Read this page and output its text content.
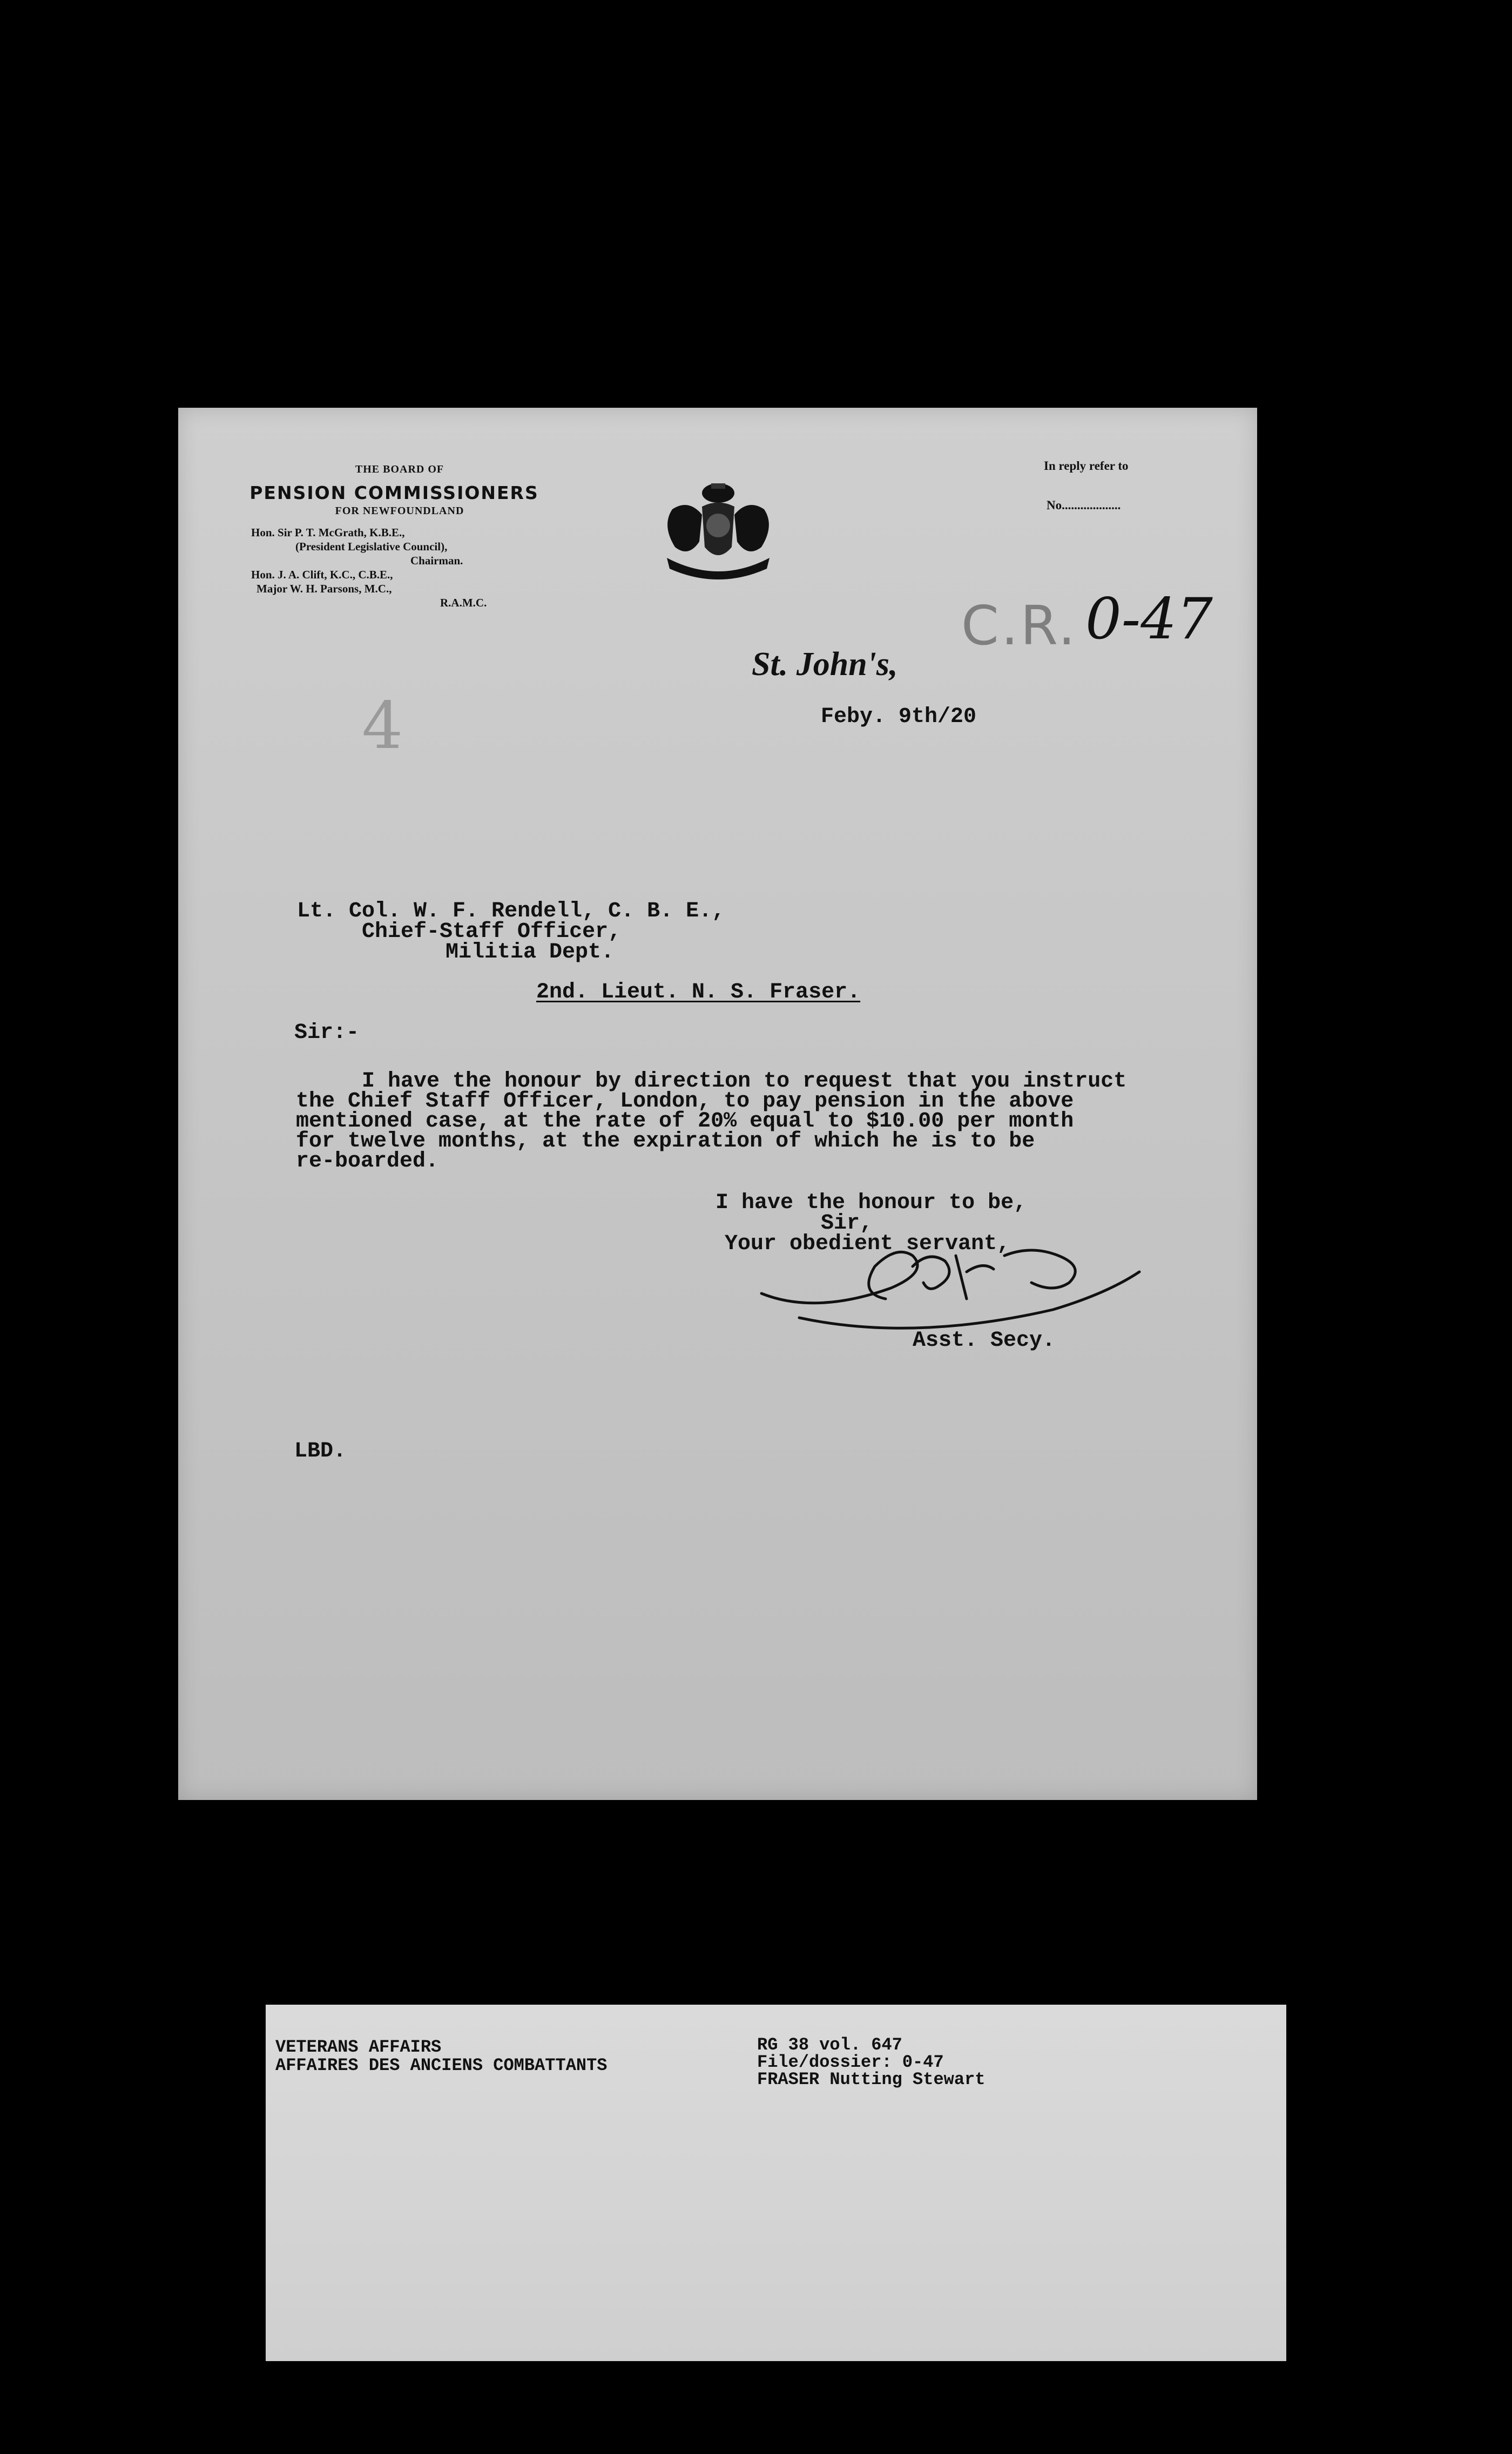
THE BOARD OF
PENSION COMMISSIONERS
FOR NEWFOUNDLAND
Hon. Sir P. T. McGrath, K.B.E.,
(President Legislative Council),
Chairman.
Hon. J. A. Clift, K.C., C.B.E.,
Major W. H. Parsons, M.C.,
R.A.M.C.
In reply refer to
No...................
C.R. 0-47
4
St. John's,
Feby. 9th/20
Lt. Col. W. F. Rendell, C. B. E.,
Chief-Staff Officer,
Militia Dept.
2nd. Lieut. N. S. Fraser.
Sir:-
I have the honour by direction to request that you instruct
the Chief Staff Officer, London, to pay pension in the above
mentioned case, at the rate of 20% equal to $10.00 per month
for twelve months, at the expiration of which he is to be
re-boarded.
I have the honour to be,
Sir,
Your obedient servant,
Asst. Secy.
LBD.
VETERANS AFFAIRS
AFFAIRES DES ANCIENS COMBATTANTS
RG 38 vol. 647
File/dossier: 0-47
FRASER Nutting Stewart
